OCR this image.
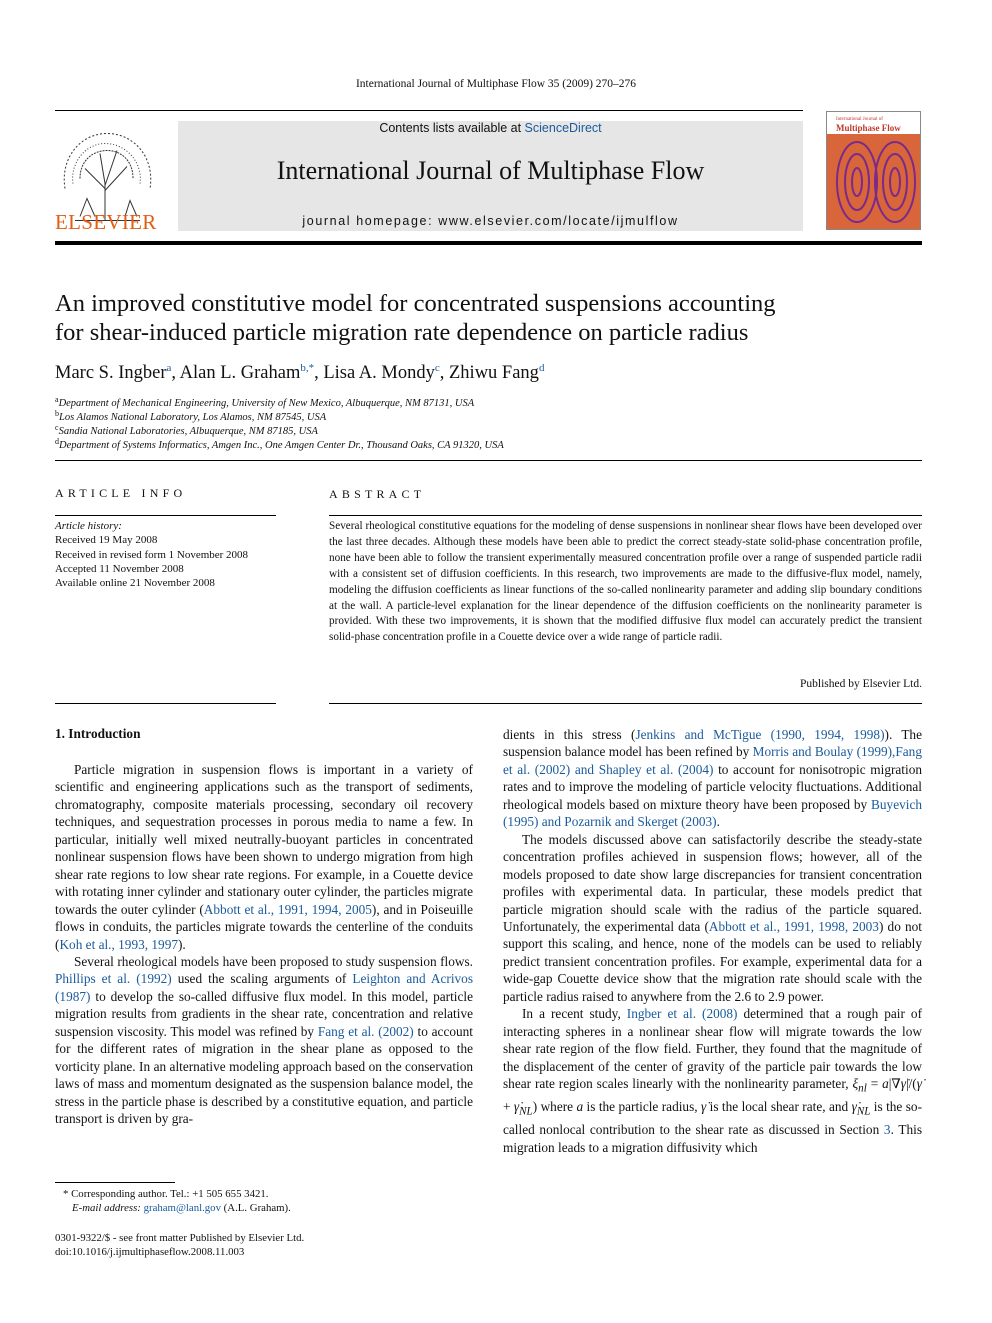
International Journal of Multiphase Flow 35 (2009) 270–276
ELSEVIER
Contents lists available at ScienceDirect
International Journal of Multiphase Flow
journal homepage: www.elsevier.com/locate/ijmulflow
International Journal of
Multiphase Flow
An improved constitutive model for concentrated suspensions accounting
for shear-induced particle migration rate dependence on particle radius
Marc S. Ingber$^a$, Alan L. Graham$^{b,*}$, Lisa A. Mondy$^c$, Zhiwu Fang$^d$
$^a$Department of Mechanical Engineering, University of New Mexico, Albuquerque, NM 87131, USA
$^b$Los Alamos National Laboratory, Los Alamos, NM 87545, USA
$^c$Sandia National Laboratories, Albuquerque, NM 87185, USA
$^d$Department of Systems Informatics, Amgen Inc., One Amgen Center Dr., Thousand Oaks, CA 91320, USA
ARTICLE INFO
Article history:
Received 19 May 2008
Received in revised form 1 November 2008
Accepted 11 November 2008
Available online 21 November 2008
ABSTRACT
Several rheological constitutive equations for the modeling of dense suspensions in nonlinear shear flows have been developed over the last three decades. Although these models have been able to predict the correct steady-state solid-phase concentration profile, none have been able to follow the transient experimentally measured concentration profile over a range of suspended particle radii with a consistent set of diffusion coefficients. In this research, two improvements are made to the diffusive-flux model, namely, modeling the diffusion coefficients as linear functions of the so-called nonlinearity parameter and adding slip boundary conditions at the wall. A particle-level explanation for the linear dependence of the diffusion coefficients on the nonlinearity parameter is provided. With these two improvements, it is shown that the modified diffusive flux model can accurately predict the transient solid-phase concentration profile in a Couette device over a wide range of particle radii.
Published by Elsevier Ltd.
1. Introduction

Particle migration in suspension flows is important in a variety of scientific and engineering applications such as the transport of sediments, chromatography, composite materials processing, secondary oil recovery techniques, and sequestration processes in porous media to name a few. In particular, initially well mixed neutrally-buoyant particles in concentrated nonlinear suspension flows have been shown to undergo migration from high shear rate regions to low shear rate regions. For example, in a Couette device with rotating inner cylinder and stationary outer cylinder, the particles migrate towards the outer cylinder (Abbott et al., 1991, 1994, 2005), and in Poiseuille flows in conduits, the particles migrate towards the centerline of the conduits (Koh et al., 1993, 1997).

Several rheological models have been proposed to study suspension flows. Phillips et al. (1992) used the scaling arguments of Leighton and Acrivos (1987) to develop the so-called diffusive flux model. In this model, particle migration results from gradients in the shear rate, concentration and relative suspension viscosity. This model was refined by Fang et al. (2002) to account for the different rates of migration in the shear plane as opposed to the vorticity plane. In an alternative modeling approach based on the conservation laws of mass and momentum designated as the suspension balance model, the stress in the particle phase is described by a constitutive equation, and particle transport is driven by gra-

* Corresponding author. Tel.: +1 505 655 3421.
E-mail address: graham@lanl.gov (A.L. Graham).
0301-9322/$ - see front matter Published by Elsevier Ltd.
doi:10.1016/j.ijmultiphaseflow.2008.11.003

dients in this stress (Jenkins and McTigue (1990, 1994, 1998)). The suspension balance model has been refined by Morris and Boulay (1999),Fang et al. (2002) and Shapley et al. (2004) to account for nonisotropic migration rates and to improve the modeling of particle velocity fluctuations. Additional rheological models based on mixture theory have been proposed by Buyevich (1995) and Pozarnik and Skerget (2003).

The models discussed above can satisfactorily describe the steady-state concentration profiles achieved in suspension flows; however, all of the models proposed to date show large discrepancies for transient concentration profiles with experimental data. In particular, these models predict that particle migration should scale with the radius of the particle squared. Unfortunately, the experimental data (Abbott et al., 1991, 1998, 2003) do not support this scaling, and hence, none of the models can be used to reliably predict transient concentration profiles. For example, experimental data for a wide-gap Couette device show that the migration rate should scale with the particle radius raised to anywhere from the 2.6 to 2.9 power.

In a recent study, Ingber et al. (2008) determined that a rough pair of interacting spheres in a nonlinear shear flow will migrate towards the low shear rate region of the flow field. Further, they found that the magnitude of the displacement of the center of gravity of the particle pair towards the low shear rate region scales linearly with the nonlinearity parameter, $\xi_{nl}$ = a|∇γ̇|/(γ̇ + $\gammȧ_{NL}$) where a is the particle radius, γ̇ is the local shear rate, and $\gammȧ_{NL}$ is the so-called nonlocal contribution to the shear rate as discussed in Section 3. This migration leads to a migration diffusivity which
